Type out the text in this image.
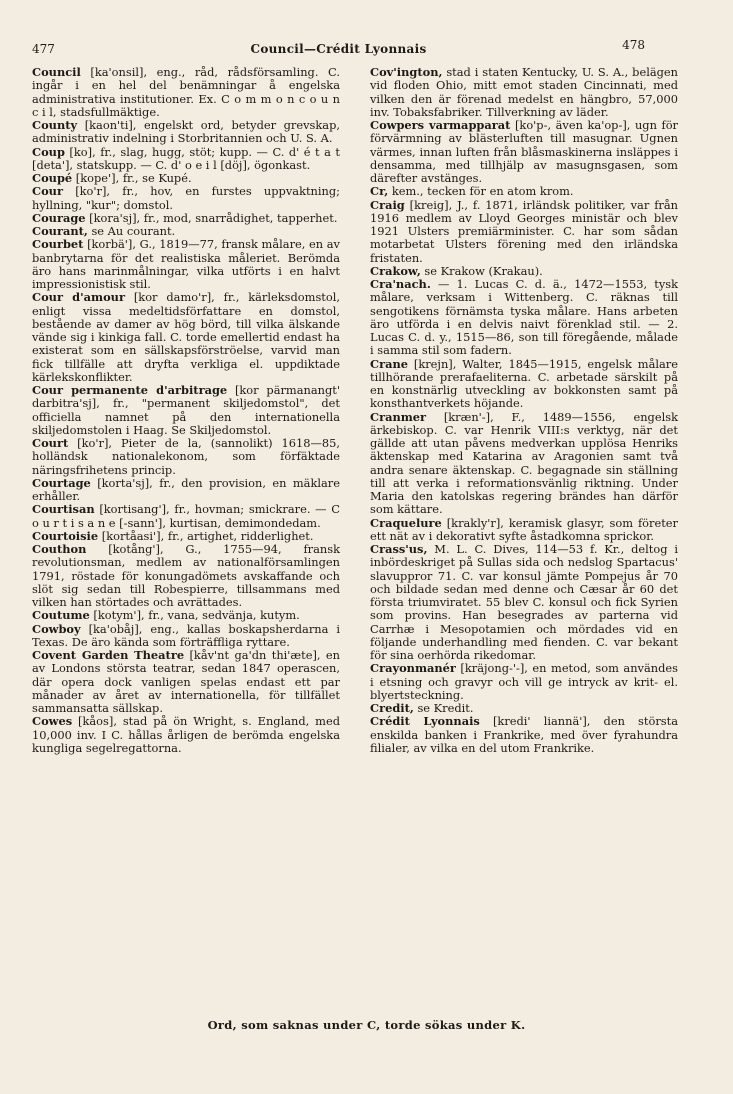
477	Council—Crédit Lyonnais	478

Council [ka'onsil], eng., råd, rådsförsamling. C. ingår i en hel del benämningar å engelska administrativa institutioner. Ex. C o m m o n c o u n c i l, stadsfullmäktige.

County [kaon'ti], engelskt ord, betyder grevskap, administrativ indelning i Storbritannien och U. S. A.

Coup [ko], fr., slag, hugg, stöt; kupp. — C. d' é t a t [deta'], statskupp. — C. d' o e i l [döj], ögonkast.

Coupé [kope'], fr., se Kupé.

Cour [ko'r], fr., hov, en furstes uppvaktning; hyllning, "kur"; domstol.

Courage [kora'sj], fr., mod, snarrådighet, tapperhet.

Courant, se Au courant.

Courbet [korbä'], G., 1819—77, fransk målare, en av banbrytarna för det realistiska måleriet. Berömda äro hans marinmålningar, vilka utförts i en halvt impressionistisk stil.

Cour d'amour [kor damo'r], fr., kärleksdomstol, enligt vissa medeltidsförfattare en domstol, bestående av damer av hög börd, till vilka älskande vände sig i kinkiga fall. C. torde emellertid endast ha existerat som en sällskapsförströelse, varvid man fick tillfälle att dryfta verkliga el. uppdiktade kärlekskonflikter.

Cour permanente d'arbitrage [kor pärmanangt' darbitra'sj], fr., "permanent skiljedomstol", det officiella namnet på den internationella skiljedomstolen i Haag. Se Skiljedomstol.

Court [ko'r], Pieter de la, (sannolikt) 1618—85, holländsk nationalekonom, som förfäktade näringsfrihetens princip.

Courtage [korta'sj], fr., den provision, en mäklare erhåller.

Courtisan [kortisang'], fr., hovman; smickrare. — C o u r t i s a n e [-sann'], kurtisan, demimondedam.

Courtoisie [kortåasi'], fr., artighet, ridderlighet.

Couthon [kotång'], G., 1755—94, fransk revolutionsman, medlem av nationalförsamlingen 1791, röstade för konungadömets avskaffande och slöt sig sedan till Robespierre, tillsammans med vilken han störtades och avrättades.

Coutume [kotym'], fr., vana, sedvänja, kutym.

Cowboy [ka'obåj], eng., kallas boskapsherdarna i Texas. De äro kända som förträffliga ryttare.

Covent Garden Theatre [kåv'nt ga'dn thi'æte], en av Londons största teatrar, sedan 1847 operascen, där opera dock vanligen spelas endast ett par månader av året av internationella, för tillfället sammansatta sällskap.

Cowes [kåos], stad på ön Wright, s. England, med 10,000 inv. I C. hållas årligen de berömda engelska kungliga segelregattorna.

Cov'ington, stad i staten Kentucky, U. S. A., belägen vid floden Ohio, mitt emot staden Cincinnati, med vilken den är förenad medelst en hängbro, 57,000 inv. Tobaksfabriker. Tillverkning av läder.

Cowpers varmapparat [ko'p-, även ka'op-], ugn för förvärmning av blästerluften till masugnar. Ugnen värmes, innan luften från blåsmaskinerna insläppes i densamma, med tillhjälp av masugnsgasen, som därefter avstänges.

Cr, kem., tecken för en atom krom.

Craig [kreig], J., f. 1871, irländsk politiker, var från 1916 medlem av Lloyd Georges ministär och blev 1921 Ulsters premiärminister. C. har som sådan motarbetat Ulsters förening med den irländska fristaten.

Crakow, se Krakow (Krakau).

Cra'nach. — 1. Lucas C. d. ä., 1472—1553, tysk målare, verksam i Wittenberg. C. räknas till sengotikens förnämsta tyska målare. Hans arbeten äro utförda i en delvis naivt förenklad stil. — 2. Lucas C. d. y., 1515—86, son till föregående, målade i samma stil som fadern.

Crane [krejn], Walter, 1845—1915, engelsk målare tillhörande prerafaeliterna. C. arbetade särskilt på en konstnärlig utveckling av bokkonsten samt på konsthantverkets höjande.

Cranmer [kræn'-], F., 1489—1556, engelsk ärkebiskop. C. var Henrik VIII:s verktyg, när det gällde att utan påvens medverkan upplösa Henriks äktenskap med Katarina av Aragonien samt två andra senare äktenskap. C. begagnade sin ställning till att verka i reformationsvänlig riktning. Under Maria den katolskas regering brändes han därför som kättare.

Craquelure [krakly'r], keramisk glasyr, som företer ett nät av i dekorativt syfte åstadkomna sprickor.

Crass'us, M. L. C. Dives, 114—53 f. Kr., deltog i inbördeskriget på Sullas sida och nedslog Spartacus' slavuppror 71. C. var konsul jämte Pompejus år 70 och bildade sedan med denne och Cæsar år 60 det första triumviratet. 55 blev C. konsul och fick Syrien som provins. Han besegrades av parterna vid Carrhæ i Mesopotamien och mördades vid en följande underhandling med fienden. C. var bekant för sina oerhörda rikedomar.

Crayonmanér [kräjong-'-], en metod, som användes i etsning och gravyr och vill ge intryck av krit- el. blyertsteckning.

Credit, se Kredit.

Crédit Lyonnais [kredi' liannä'], den största enskilda banken i Frankrike, med över fyrahundra filialer, av vilka en del utom Frankrike.

Ord, som saknas under C, torde sökas under K.
